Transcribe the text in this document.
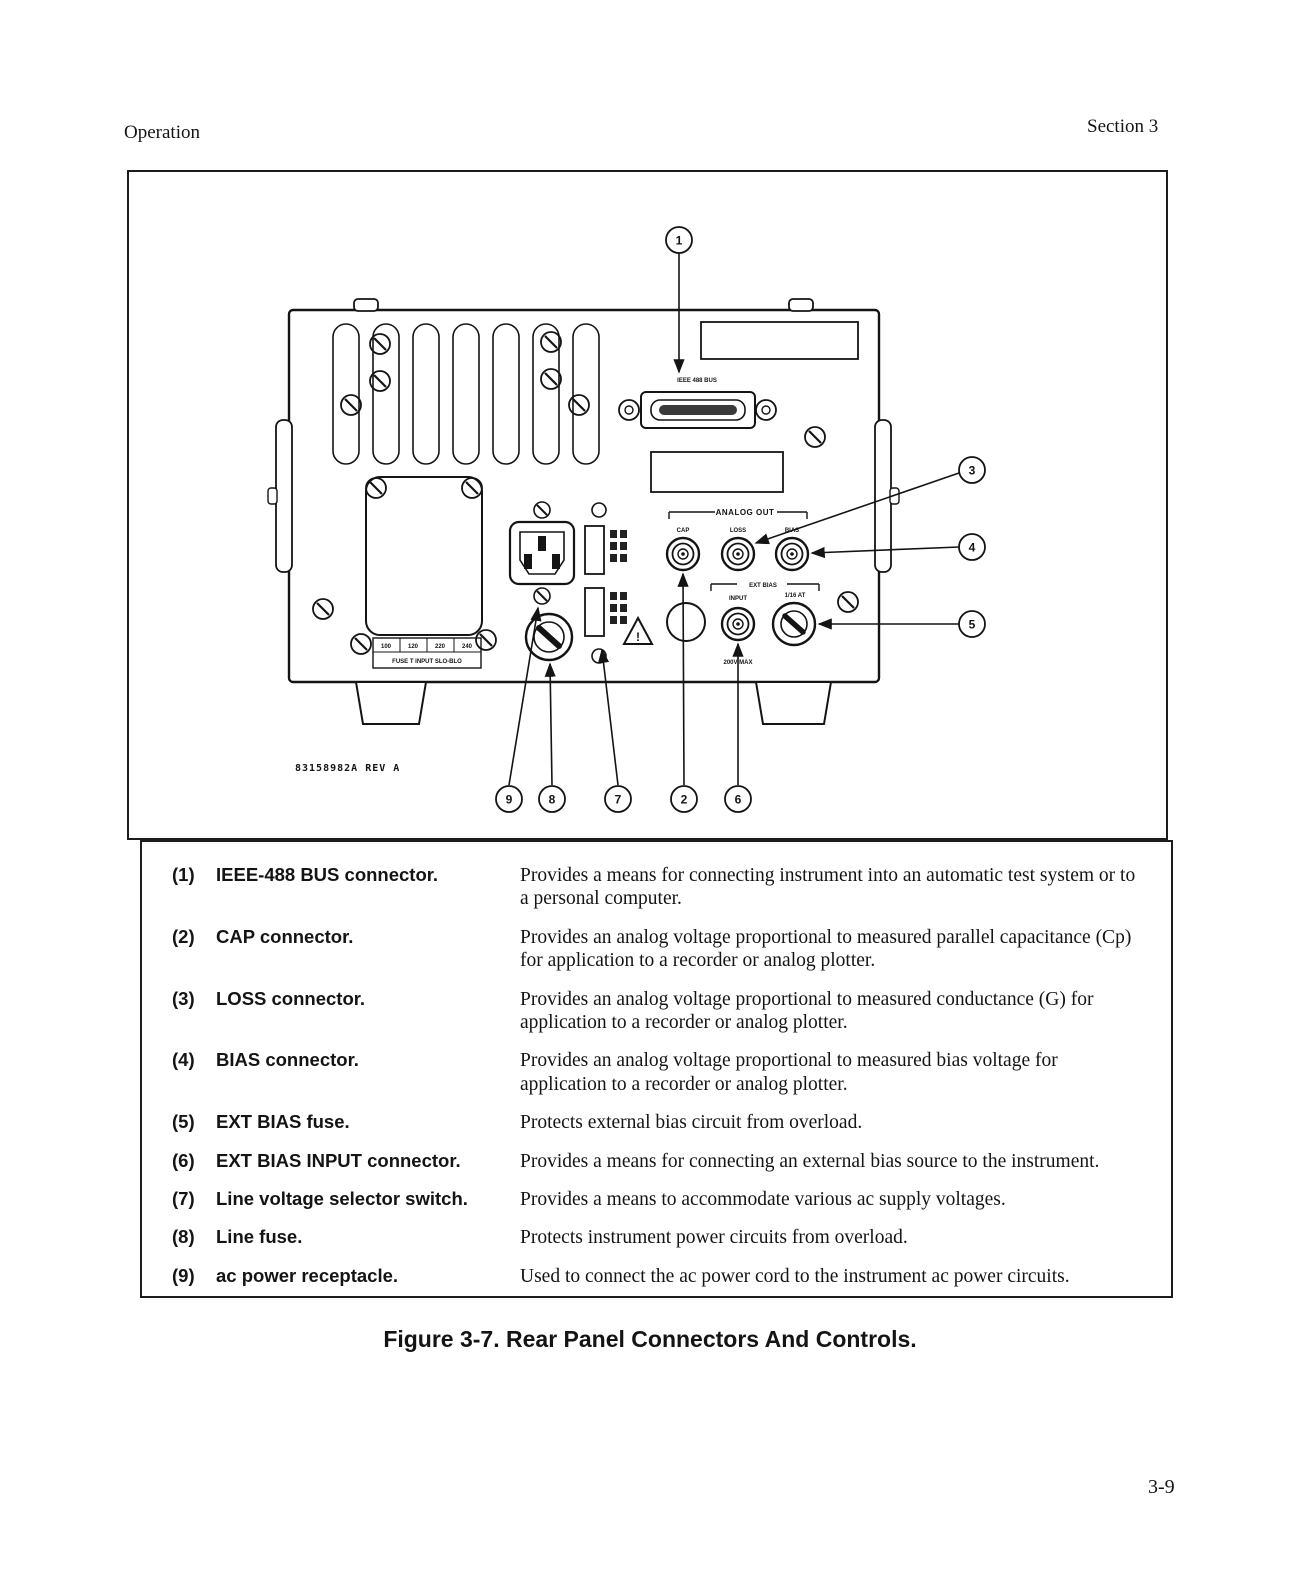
Operation	Section 3
IEEE 488 BUS
100	120	220	240
FUSE T INPUT SLO-BLO
!
ANALOG OUT
CAP	LOSS	BIAS
EXT BIAS
1/16 AT
INPUT
200V MAX
83158982A REV A
1
3
4
5
9	8	7	2	6
(1)	IEEE-488 BUS connector.	Provides a means for connecting instrument into an automatic test system or to a personal computer.
(2)	CAP connector.	Provides an analog voltage proportional to measured parallel capacitance (Cp) for application to a recorder or analog plotter.
(3)	LOSS connector.	Provides an analog voltage proportional to measured conductance (G) for application to a recorder or analog plotter.
(4)	BIAS connector.	Provides an analog voltage proportional to measured bias voltage for application to a recorder or analog plotter.
(5)	EXT BIAS fuse.	Protects external bias circuit from overload.
(6)	EXT BIAS INPUT connector.	Provides a means for connecting an external bias source to the instrument.
(7)	Line voltage selector switch.	Provides a means to accommodate various ac supply voltages.
(8)	Line fuse.	Protects instrument power circuits from overload.
(9)	ac power receptacle.	Used to connect the ac power cord to the instrument ac power circuits.
Figure 3-7. Rear Panel Connectors And Controls.
3-9
